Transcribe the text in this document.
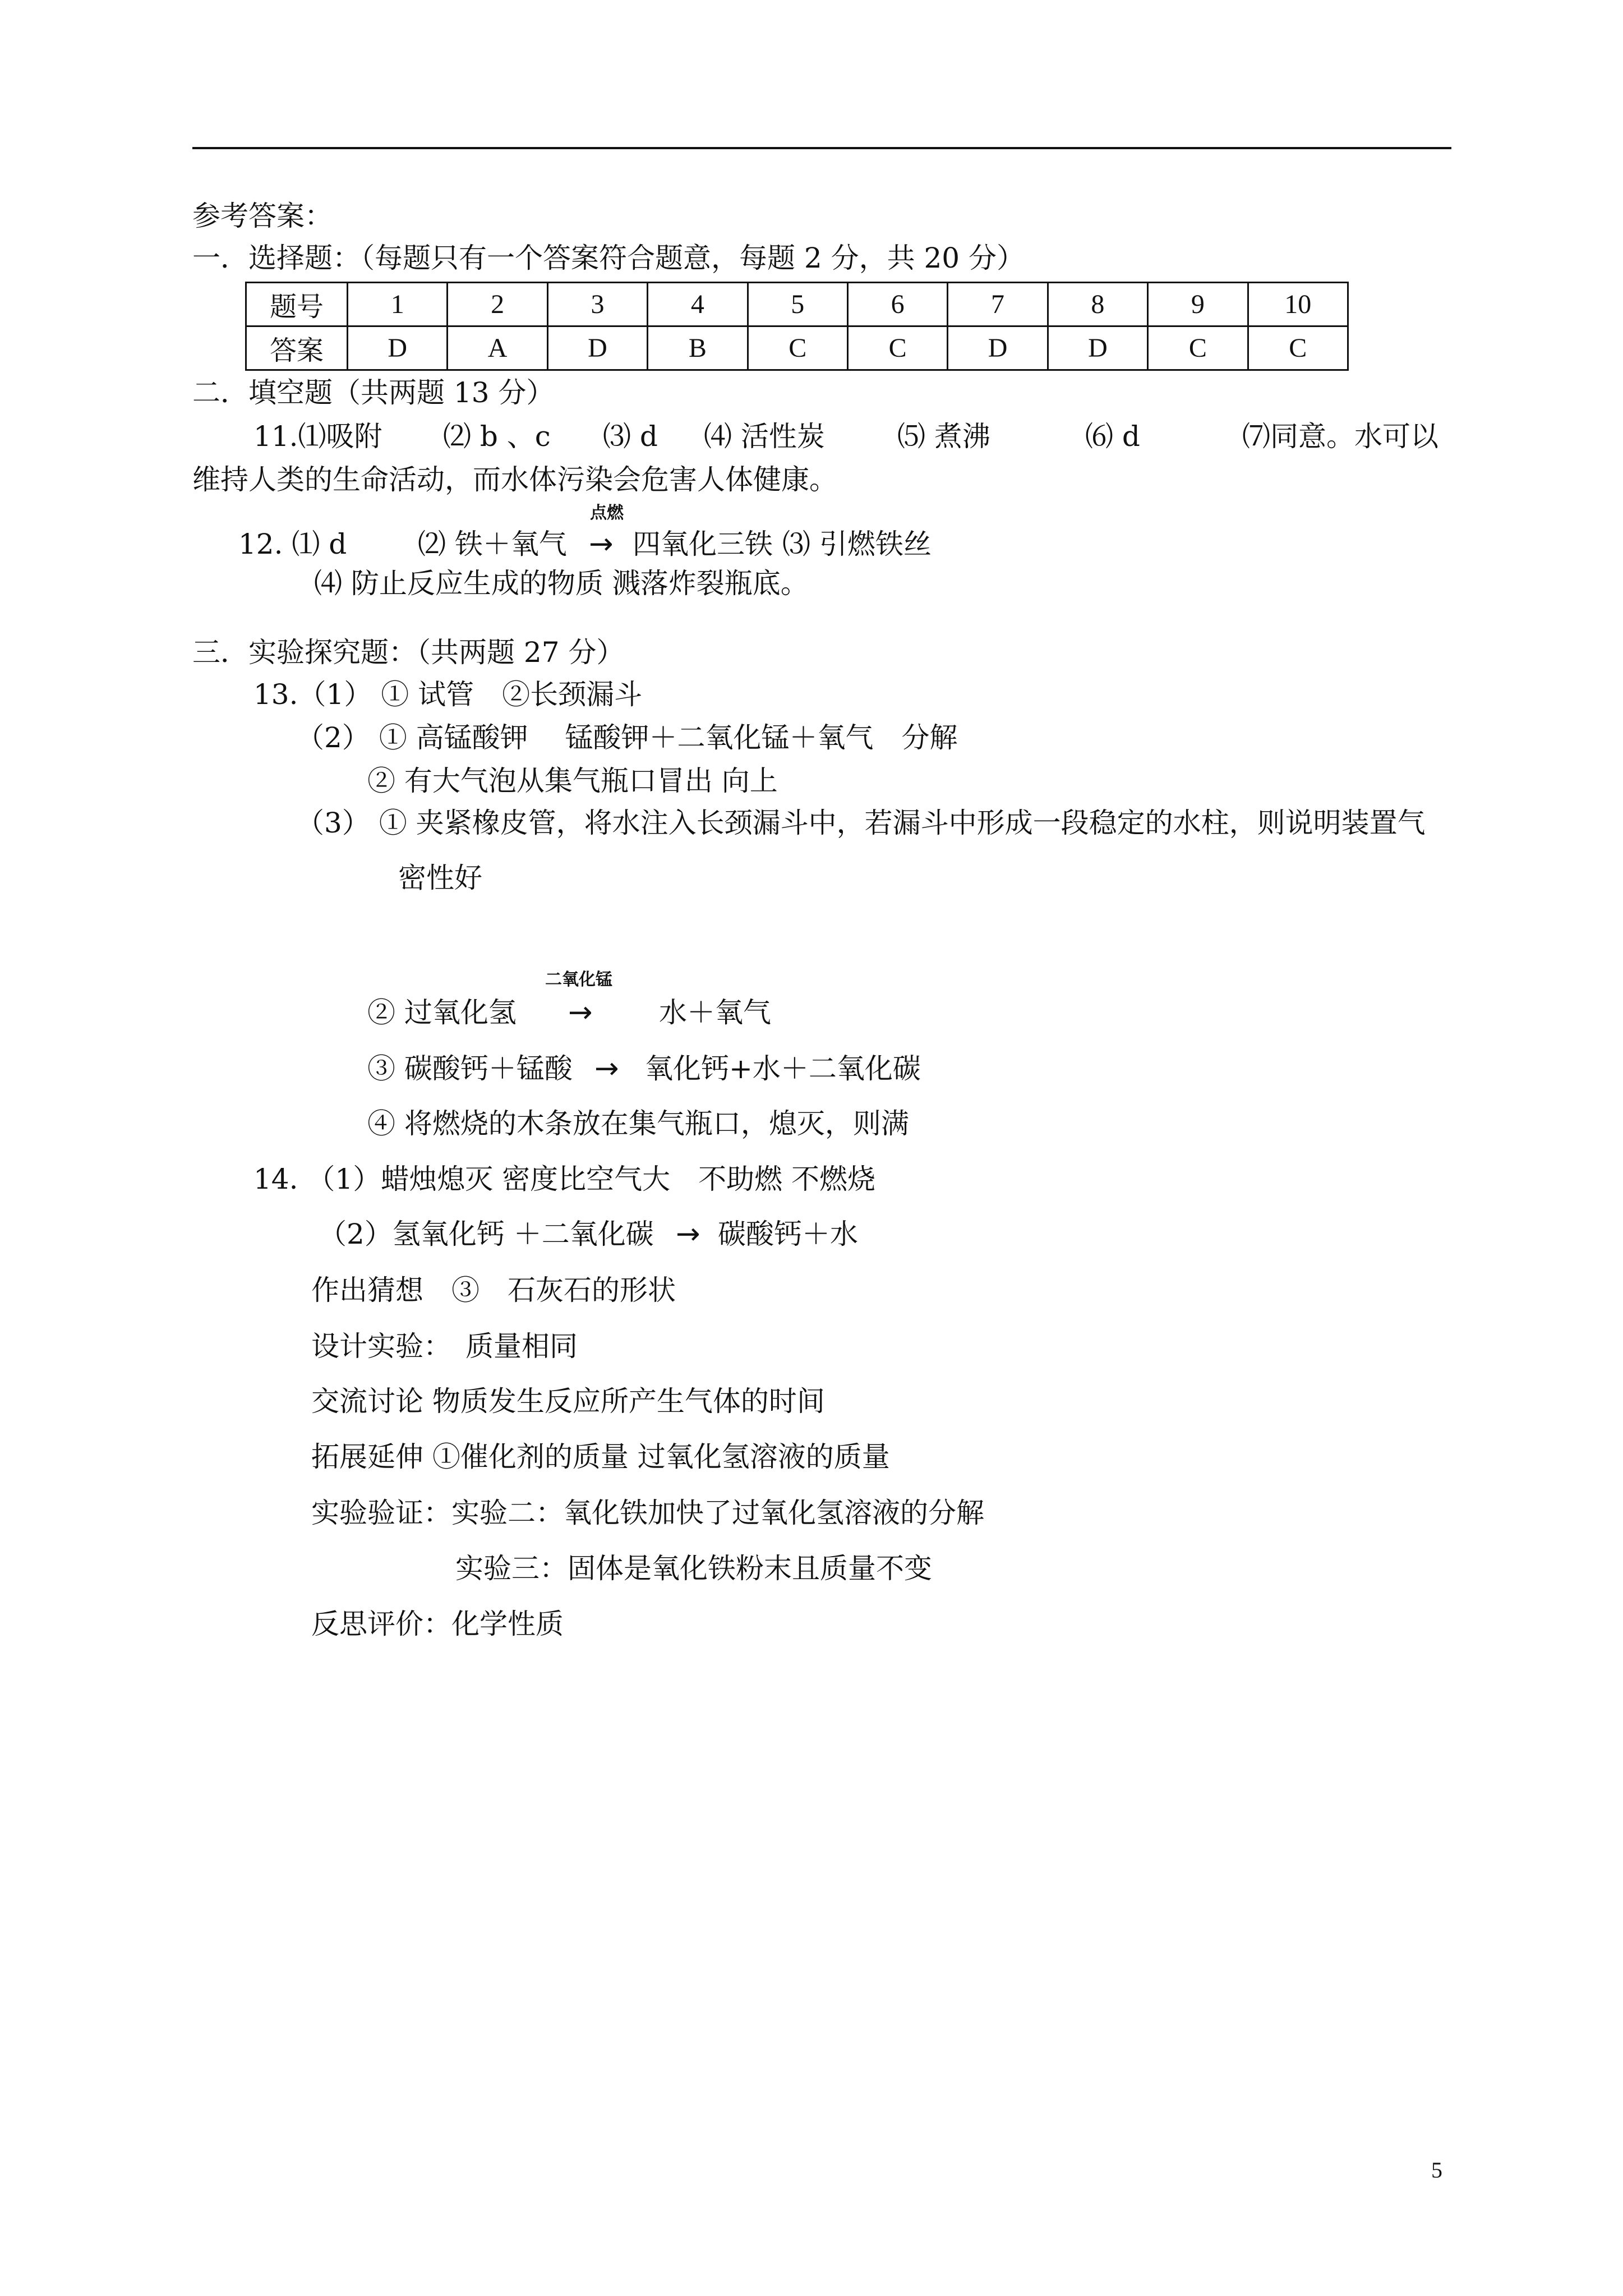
参考答案：
一．选择题：（每题只有一个答案符合题意，每题 2 分，共 20 分）
题号	1	2	3	4	5	6	7	8	9	10
答案	D	A	D	B	C	C	D	D	C	C
二．填空题（共两题 13 分）
11.⑴吸附 ⑵ b 、c ⑶ d ⑷ 活性炭	⑸ 煮沸	⑹ d	⑺同意。水可以
维持人类的生命活动，而水体污染会危害人体健康。
点燃
12. ⑴ d	⑵ 铁＋氧气 → 四氧化三铁 ⑶ 引燃铁丝
⑷ 防止反应生成的物质 溅落炸裂瓶底。
三．实验探究题：（共两题 27 分）
13.（1） ① 试管　②长颈漏斗
（2） ① 高锰酸钾　 锰酸钾＋二氧化锰＋氧气　分解
② 有大气泡从集气瓶口冒出 向上
（3） ① 夹紧橡皮管，将水注入长颈漏斗中，若漏斗中形成一段稳定的水柱，则说明装置气
密性好
二氧化锰
② 过氧化氢 → 水＋氧气
③ 碳酸钙＋锰酸 → 氧化钙+水＋二氧化碳
④ 将燃烧的木条放在集气瓶口，熄灭，则满
14. （1）蜡烛熄灭 密度比空气大　不助燃 不燃烧
（2）氢氧化钙 ＋二氧化碳 → 碳酸钙＋水
作出猜想　③　石灰石的形状
设计实验：　质量相同
交流讨论 物质发生反应所产生气体的时间
拓展延伸 ①催化剂的质量 过氧化氢溶液的质量
实验验证：实验二：氧化铁加快了过氧化氢溶液的分解
实验三：固体是氧化铁粉末且质量不变
反思评价：化学性质
5
